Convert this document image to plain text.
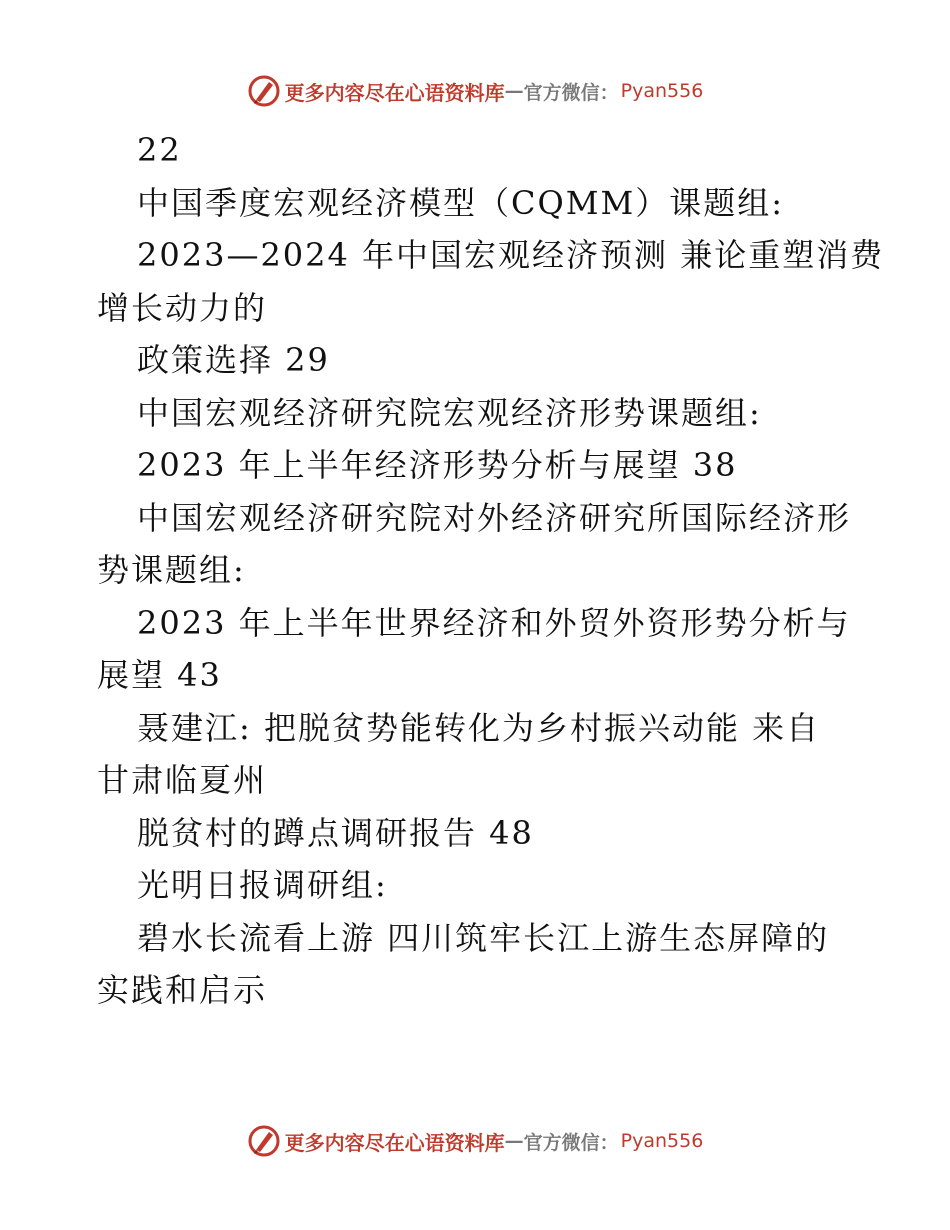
更多内容尽在心语资料库 — 官方微信： Pyan556
22
中国季度宏观经济模型（CQMM）课题组:
2023—2024 年中国宏观经济预测 兼论重塑消费
增长动力的
政策选择 29
中国宏观经济研究院宏观经济形势课题组:
2023 年上半年经济形势分析与展望 38
中国宏观经济研究院对外经济研究所国际经济形
势课题组:
2023 年上半年世界经济和外贸外资形势分析与
展望 43
聂建江: 把脱贫势能转化为乡村振兴动能 来自
甘肃临夏州
脱贫村的蹲点调研报告 48
光明日报调研组:
碧水长流看上游 四川筑牢长江上游生态屏障的
实践和启示
更多内容尽在心语资料库 — 官方微信： Pyan556
